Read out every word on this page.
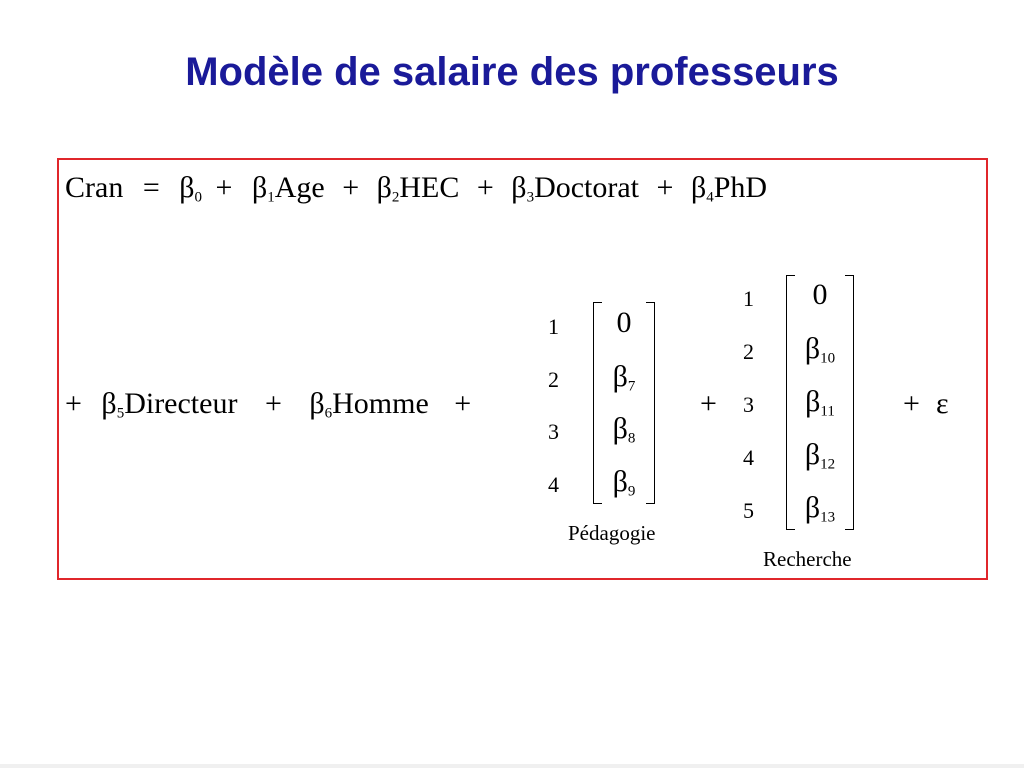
Modèle de salaire des professeurs
Cran = $\beta_0 + \beta_1Age + \beta_2HEC$ + $\beta_3Doctorat + \beta_4PhD$
+ $\beta_5Directeur$ + $\beta_6Homme$ +	+	+ ε
1
2
3
4
0
$\beta_7$
$\beta_8$
$\beta_9$
Pédagogie
1
2
3
4
5
0
$\beta_{10}$
$\beta_{11}$
$\beta_{12}$
$\beta_{13}$
Recherche
